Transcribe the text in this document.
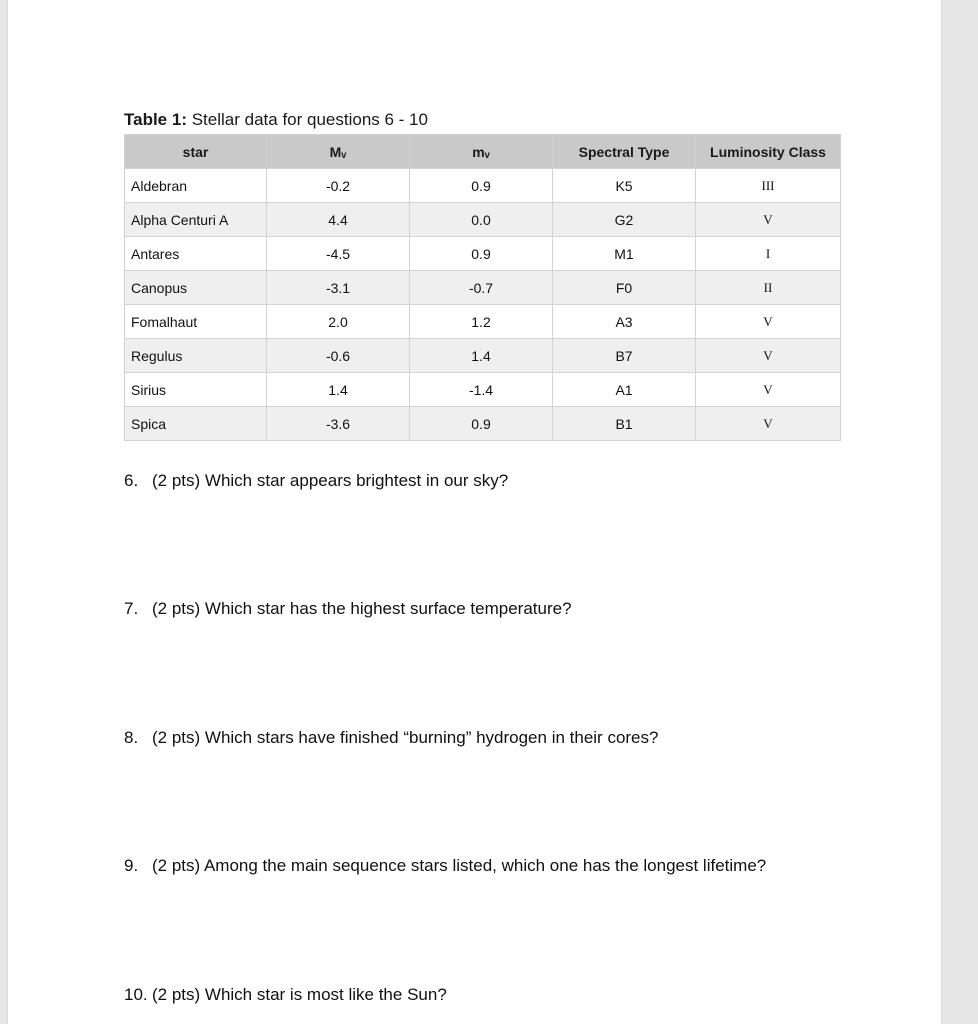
Table 1: Stellar data for questions 6 - 10
star	Mᵥ	mᵥ	Spectral Type	Luminosity Class
Aldebran	-0.2	0.9	K5	III
Alpha Centuri A	4.4	0.0	G2	V
Antares	-4.5	0.9	M1	I
Canopus	-3.1	-0.7	F0	II
Fomalhaut	2.0	1.2	A3	V
Regulus	-0.6	1.4	B7	V
Sirius	1.4	-1.4	A1	V
Spica	-3.6	0.9	B1	V
6. (2 pts) Which star appears brightest in our sky?
7. (2 pts) Which star has the highest surface temperature?
8. (2 pts) Which stars have finished “burning” hydrogen in their cores?
9. (2 pts) Among the main sequence stars listed, which one has the longest lifetime?
10. (2 pts) Which star is most like the Sun?
